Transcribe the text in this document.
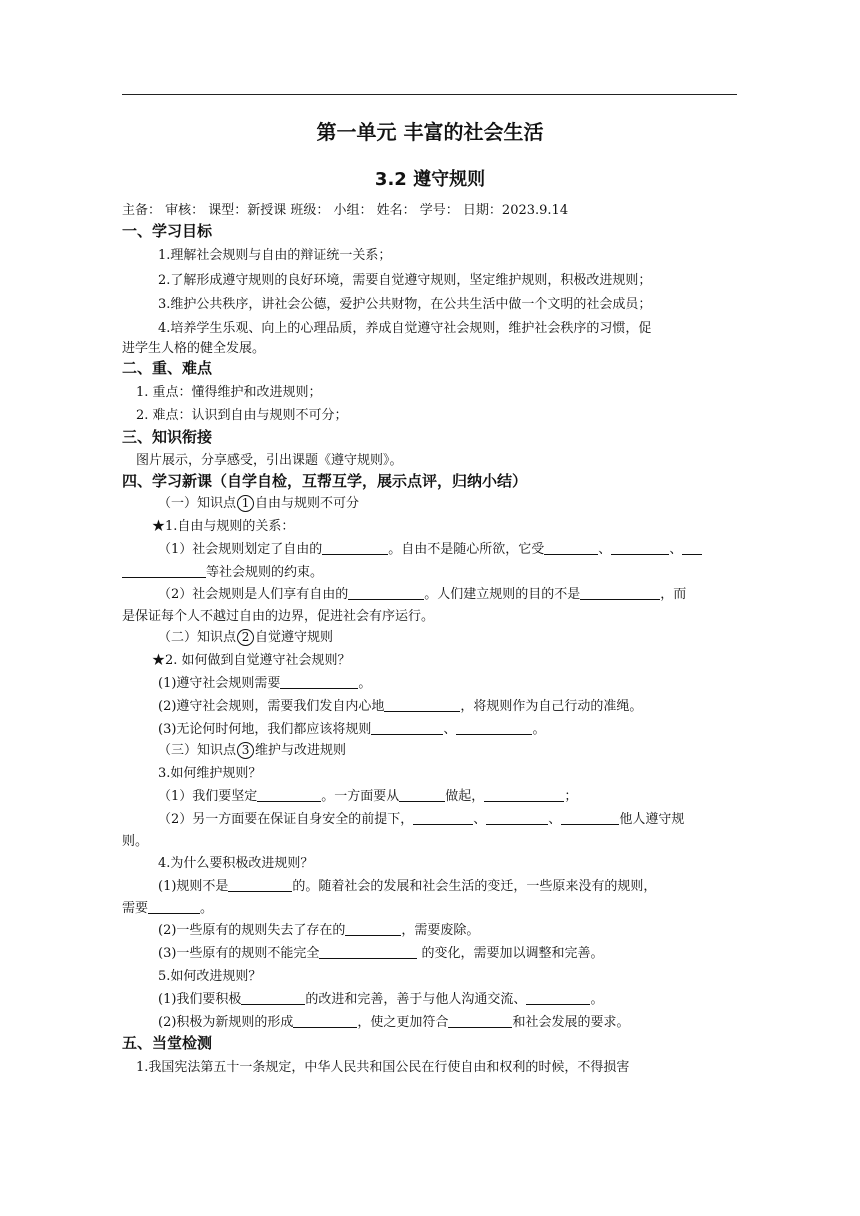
第一单元 丰富的社会生活
3.2 遵守规则
主备： 审核： 课型：新授课 班级： 小组： 姓名： 学号： 日期：2023.9.14
一、学习目标
1.理解社会规则与自由的辩证统一关系；
2.了解形成遵守规则的良好环境，需要自觉遵守规则，坚定维护规则，积极改进规则；
3.维护公共秩序，讲社会公德，爱护公共财物，在公共生活中做一个文明的社会成员；
4.培养学生乐观、向上的心理品质，养成自觉遵守社会规则，维护社会秩序的习惯，促
进学生人格的健全发展。
二、重、难点
1. 重点：懂得维护和改进规则；
2. 难点：认识到自由与规则不可分；
三、知识衔接
图片展示，分享感受，引出课题《遵守规则》。
四、学习新课（自学自检，互帮互学，展示点评，归纳小结）
（一）知识点 1 自由与规则不可分
★1.自由与规则的关系：
（1）社会规则划定了自由的	。自由不是随心所欲，它受	、	、
等社会规则的约束。
（2）社会规则是人们享有自由的	。人们建立规则的目的不是	，而
是保证每个人不越过自由的边界，促进社会有序运行。
（二）知识点 2 自觉遵守规则
★2. 如何做到自觉遵守社会规则？
(1)遵守社会规则需要	。
(2)遵守社会规则，需要我们发自内心地	，将规则作为自己行动的准绳。
(3)无论何时何地，我们都应该将规则	、	。
（三）知识点 3 维护与改进规则
3.如何维护规则？
（1）我们要坚定	。一方面要从	做起，	；
（2）另一方面要在保证自身安全的前提下，	、	、	他人遵守规
则。
4.为什么要积极改进规则？
(1)规则不是	的。随着社会的发展和社会生活的变迁，一些原来没有的规则，
需要	。
(2)一些原有的规则失去了存在的	，需要废除。
(3)一些原有的规则不能完全	的变化，需要加以调整和完善。
5.如何改进规则？
(1)我们要积极	的改进和完善，善于与他人沟通交流、	。
(2)积极为新规则的形成	，使之更加符合	和社会发展的要求。
五、当堂检测
1.我国宪法第五十一条规定，中华人民共和国公民在行使自由和权利的时候，不得损害
